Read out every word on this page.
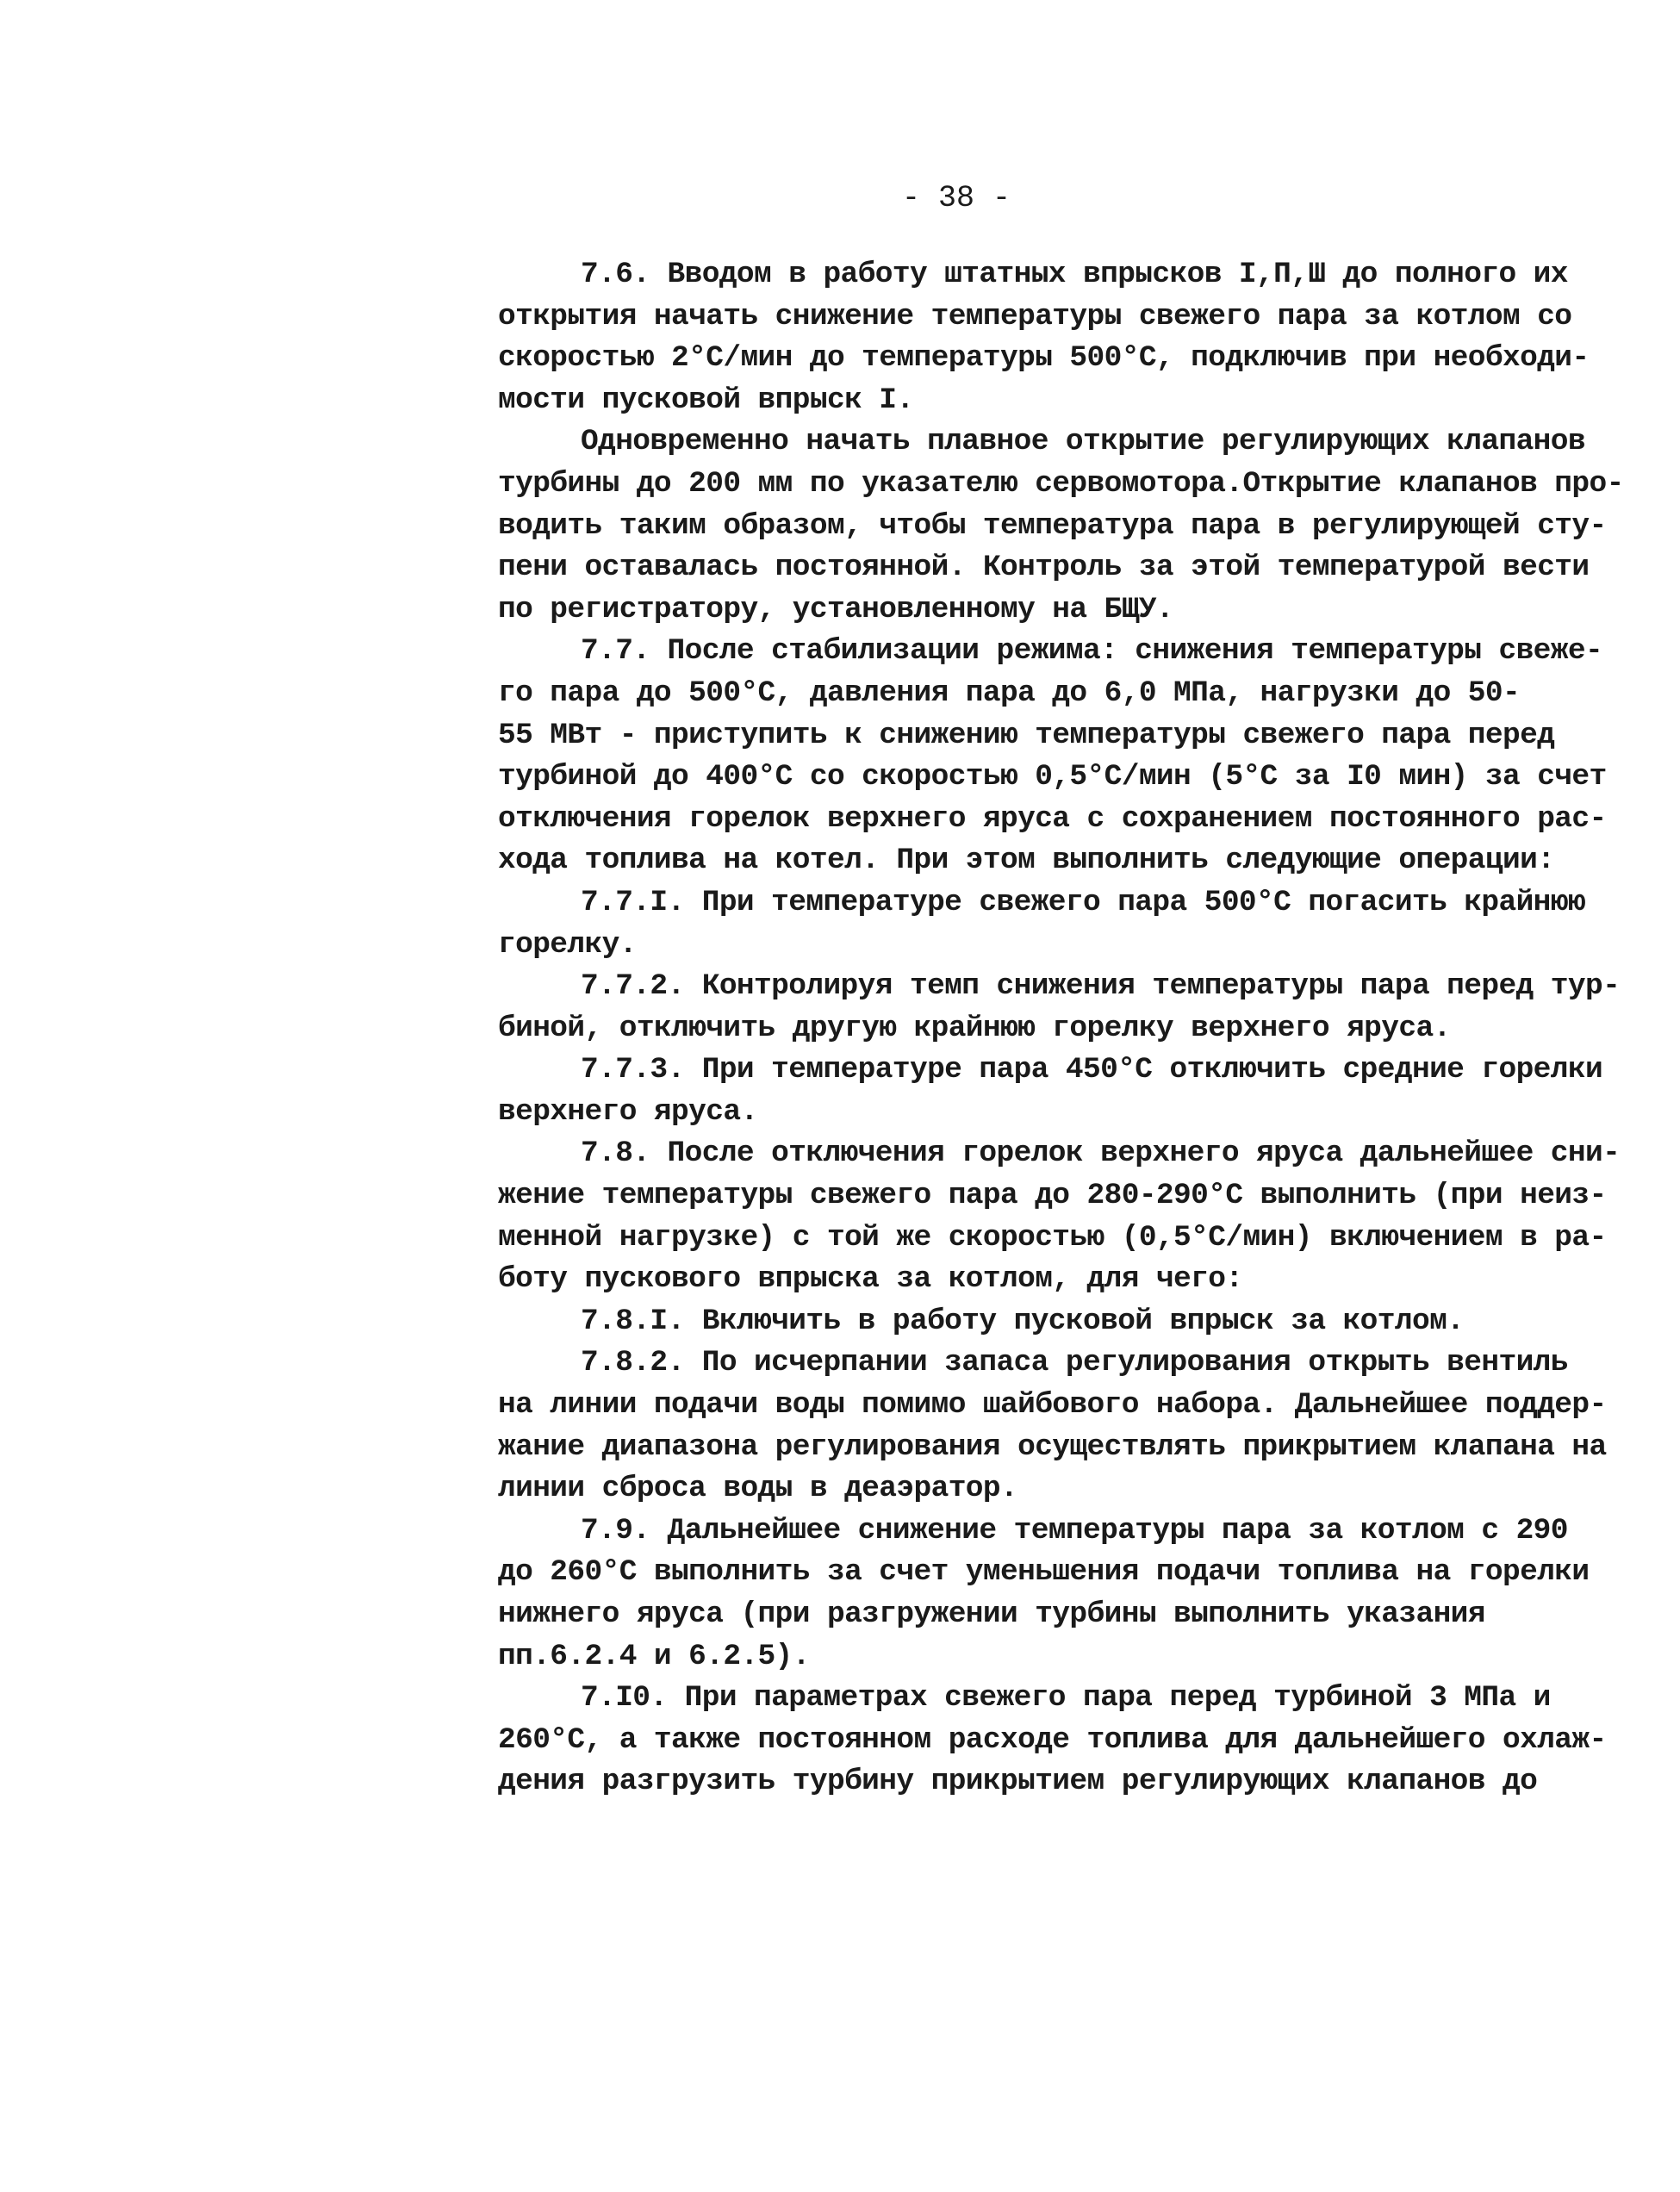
- 38 -
7.6. Вводом в работу штатных впрысков I,П,Ш до полного их
открытия начать снижение температуры свежего пара за котлом со
скоростью 2°С/мин до температуры 500°С, подключив при необходи-
мости пусковой впрыск I.
Одновременно начать плавное открытие регулирующих клапанов
турбины до 200 мм по указателю сервомотора.Открытие клапанов про-
водить таким образом, чтобы температура пара в регулирующей сту-
пени оставалась постоянной. Контроль за этой температурой вести
по регистратору, установленному на БЩУ.
7.7. После стабилизации режима: снижения температуры свеже-
го пара до 500°С, давления пара до 6,0 МПа, нагрузки до 50-
55 МВт - приступить к снижению температуры свежего пара перед
турбиной до 400°С со скоростью 0,5°С/мин (5°С за I0 мин) за счет
отключения горелок верхнего яруса с сохранением постоянного рас-
хода топлива на котел. При этом выполнить следующие операции:
7.7.I. При температуре свежего пара 500°С погасить крайнюю
горелку.
7.7.2. Контролируя темп снижения температуры пара перед тур-
биной, отключить другую крайнюю горелку верхнего яруса.
7.7.3. При температуре пара 450°С отключить средние горелки
верхнего яруса.
7.8. После отключения горелок верхнего яруса дальнейшее сни-
жение температуры свежего пара до 280-290°С выполнить (при неиз-
менной нагрузке) с той же скоростью (0,5°С/мин) включением в ра-
боту пускового впрыска за котлом, для чего:
7.8.I. Включить в работу пусковой впрыск за котлом.
7.8.2. По исчерпании запаса регулирования открыть вентиль
на линии подачи воды помимо шайбового набора. Дальнейшее поддер-
жание диапазона регулирования осуществлять прикрытием клапана на
линии сброса воды в деаэратор.
7.9. Дальнейшее снижение температуры пара за котлом с 290
до 260°С выполнить за счет уменьшения подачи топлива на горелки
нижнего яруса (при разгружении турбины выполнить указания
пп.6.2.4 и 6.2.5).
7.I0. При параметрах свежего пара перед турбиной 3 МПа и
260°С, а также постоянном расходе топлива для дальнейшего охлаж-
дения разгрузить турбину прикрытием регулирующих клапанов до
